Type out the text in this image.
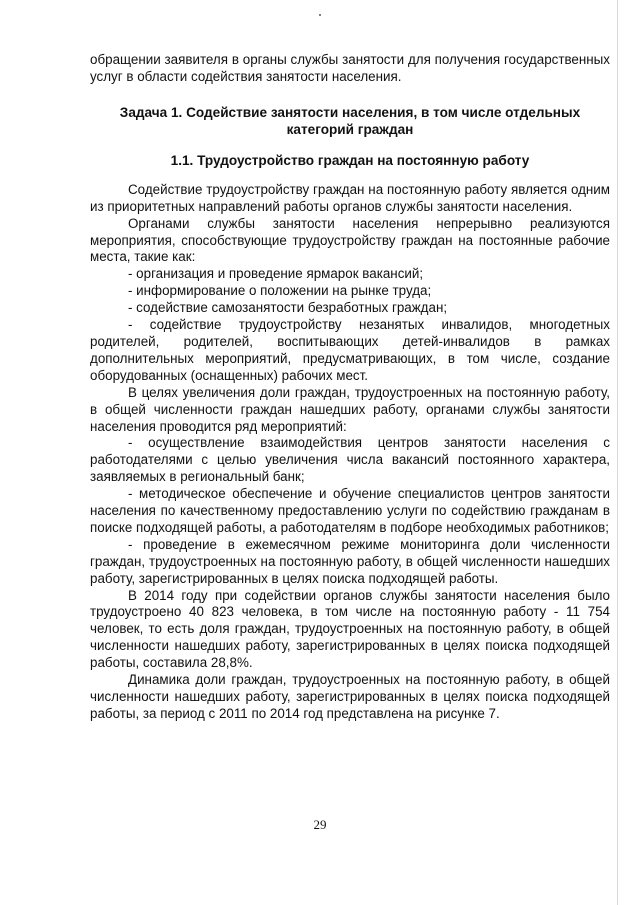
обращении заявителя в органы службы занятости для получения государственных услуг в области содействия занятости населения.

Задача 1. Содействие занятости населения, в том числе отдельных

категорий граждан

1.1. Трудоустройство граждан на постоянную работу

Содействие трудоустройству граждан на постоянную работу является одним из приоритетных направлений работы органов службы занятости населения.

Органами службы занятости населения непрерывно реализуются мероприятия, способствующие трудоустройству граждан на постоянные рабочие места, такие как:

- организация и проведение ярмарок вакансий;

- информирование о положении на рынке труда;

- содействие самозанятости безработных граждан;

- содействие трудоустройству незанятых инвалидов, многодетных родителей, родителей, воспитывающих детей-инвалидов в рамках дополнительных мероприятий, предусматривающих, в том числе, создание оборудованных (оснащенных) рабочих мест.

В целях увеличения доли граждан, трудоустроенных на постоянную работу, в общей численности граждан нашедших работу, органами службы занятости населения проводится ряд мероприятий:

- осуществление взаимодействия центров занятости населения с работодателями с целью увеличения числа вакансий постоянного характера, заявляемых в региональный банк;

- методическое обеспечение и обучение специалистов центров занятости населения по качественному предоставлению услуги по содействию гражданам в поиске подходящей работы, а работодателям в подборе необходимых работников;

- проведение в ежемесячном режиме мониторинга доли численности граждан, трудоустроенных на постоянную работу, в общей численности нашедших работу, зарегистрированных в целях поиска подходящей работы.

В 2014 году при содействии органов службы занятости населения было трудоустроено 40 823 человека, в том числе на постоянную работу - 11 754 человек, то есть доля граждан, трудоустроенных на постоянную работу, в общей численности нашедших работу, зарегистрированных в целях поиска подходящей работы, составила 28,8%.

Динамика доли граждан, трудоустроенных на постоянную работу, в общей численности нашедших работу, зарегистрированных в целях поиска подходящей работы, за период с 2011 по 2014 год представлена на рисунке 7.

29
